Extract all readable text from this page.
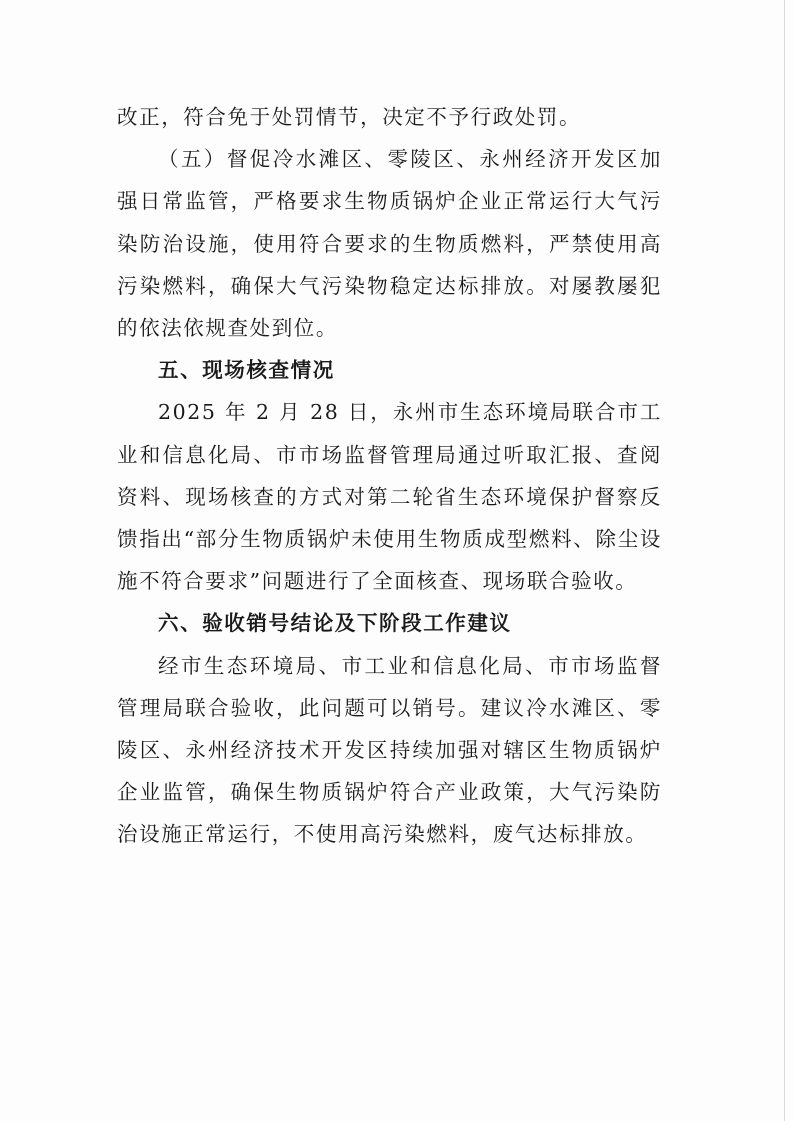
改正，符合免于处罚情节，决定不予行政处罚。

（五）督促冷水滩区、零陵区、永州经济开发区加强日常监管，严格要求生物质锅炉企业正常运行大气污染防治设施，使用符合要求的生物质燃料，严禁使用高污染燃料，确保大气污染物稳定达标排放。对屡教屡犯的依法依规查处到位。

五、现场核查情况

2025 年 2 月 28 日，永州市生态环境局联合市工业和信息化局、市市场监督管理局通过听取汇报、查阅资料、现场核查的方式对第二轮省生态环境保护督察反馈指出“部分生物质锅炉未使用生物质成型燃料、除尘设施不符合要求”问题进行了全面核查、现场联合验收。

六、验收销号结论及下阶段工作建议

经市生态环境局、市工业和信息化局、市市场监督管理局联合验收，此问题可以销号。建议冷水滩区、零陵区、永州经济技术开发区持续加强对辖区生物质锅炉企业监管，确保生物质锅炉符合产业政策，大气污染防治设施正常运行，不使用高污染燃料，废气达标排放。
